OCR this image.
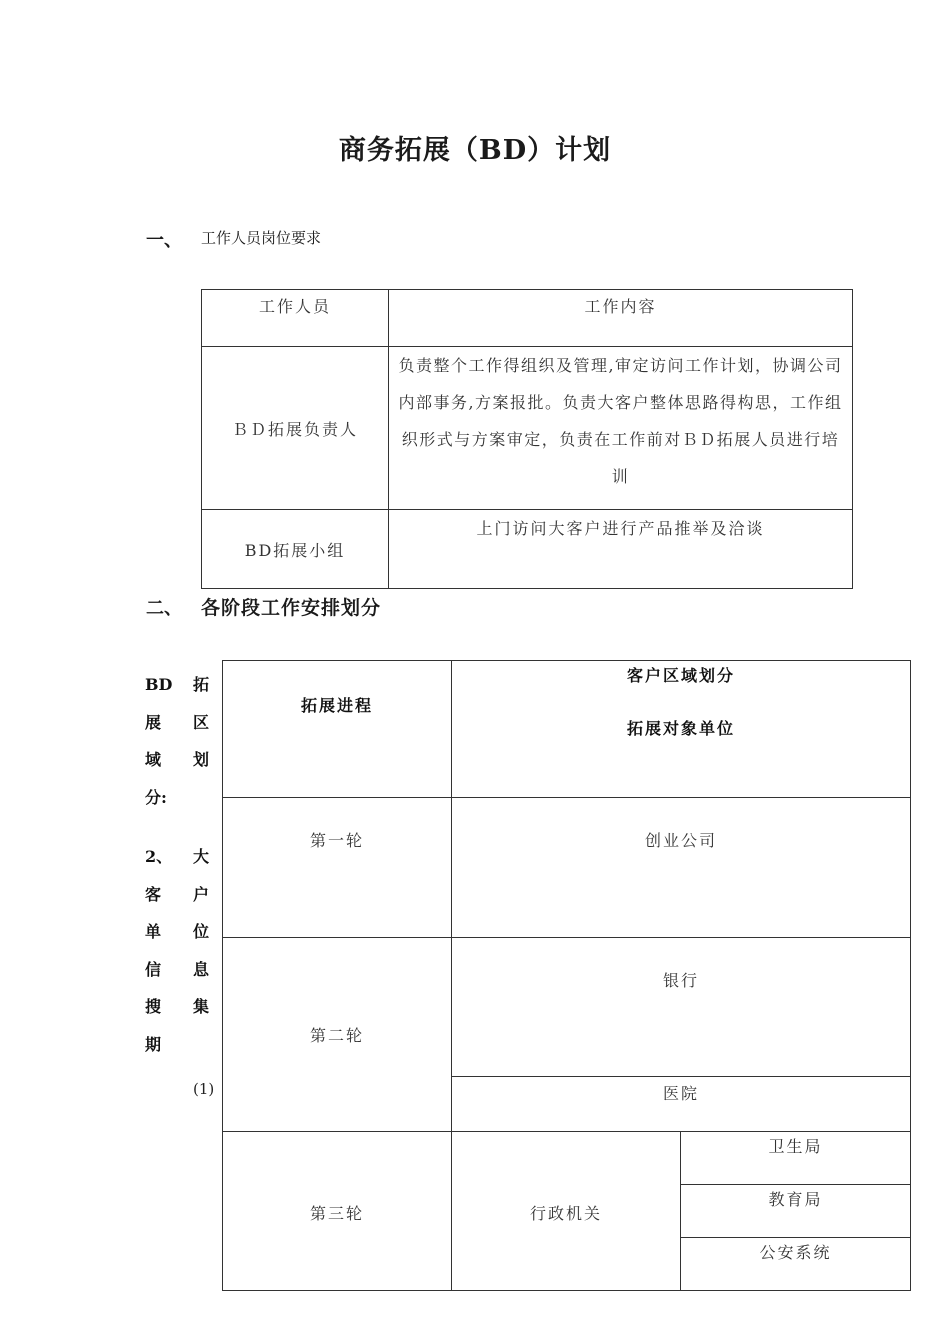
商务拓展（BD）计划
一、 工作人员岗位要求
工作人员	工作内容
ＢＤ拓展负责人	负责整个工作得组织及管理,审定访问工作计划，协调公司内部事务,方案报批。负责大客户整体思路得构思，工作组织形式与方案审定，负责在工作前对ＢＤ拓展人员进行培训
BD拓展小组	上门访问大客户进行产品推举及洽谈
二、 各阶段工作安排划分
BD 拓
展 区
域 划
分:
2、 大
客 户
单 位
信 息
搜 集
期
(1)
拓展进程	客户区域划分
拓展对象单位	

第一轮	创业公司	
第二轮	银行	
	医院	
第三轮	行政机关	卫生局
		教育局
		公安系统
